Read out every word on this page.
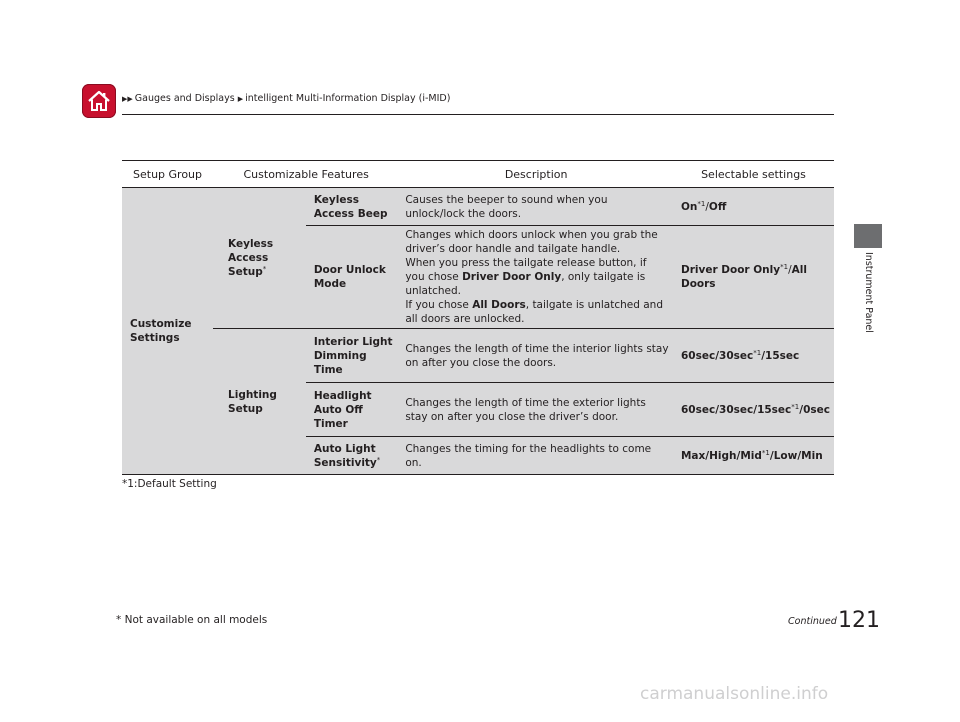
▶▶ Gauges and Displays ▶ intelligent Multi-Information Display (i-MID)
Instrument Panel
Setup Group	Customizable Features		Description	Selectable settings
Customize Settings	Keyless Access Setup*	Keyless Access Beep	Causes the beeper to sound when you unlock/lock the doors.	On$^{*1}$/Off
		Door Unlock Mode	Changes which doors unlock when you grab the driver’s door handle and tailgate handle.
When you press the tailgate release button, if you chose Driver Door Only, only tailgate is unlatched.
If you chose All Doors, tailgate is unlatched and all doors are unlocked.	Driver Door Only$^{*1}$/All Doors
	Lighting Setup	Interior Light Dimming Time	Changes the length of time the interior lights stay on after you close the doors.	$60\sec/30\sec^{*1}/15\sec$
		Headlight Auto Off Timer	Changes the length of time the exterior lights stay on after you close the driver’s door.	$60\sec/30\sec/15\sec^{*1}/0\sec$
		Auto Light Sensitivity*	Changes the timing for the headlights to come on.	Max/High/Mid$^{*1}$/Low/Min
*1:Default Setting
* Not available on all models	Continued 121
carmanualsonline.info
